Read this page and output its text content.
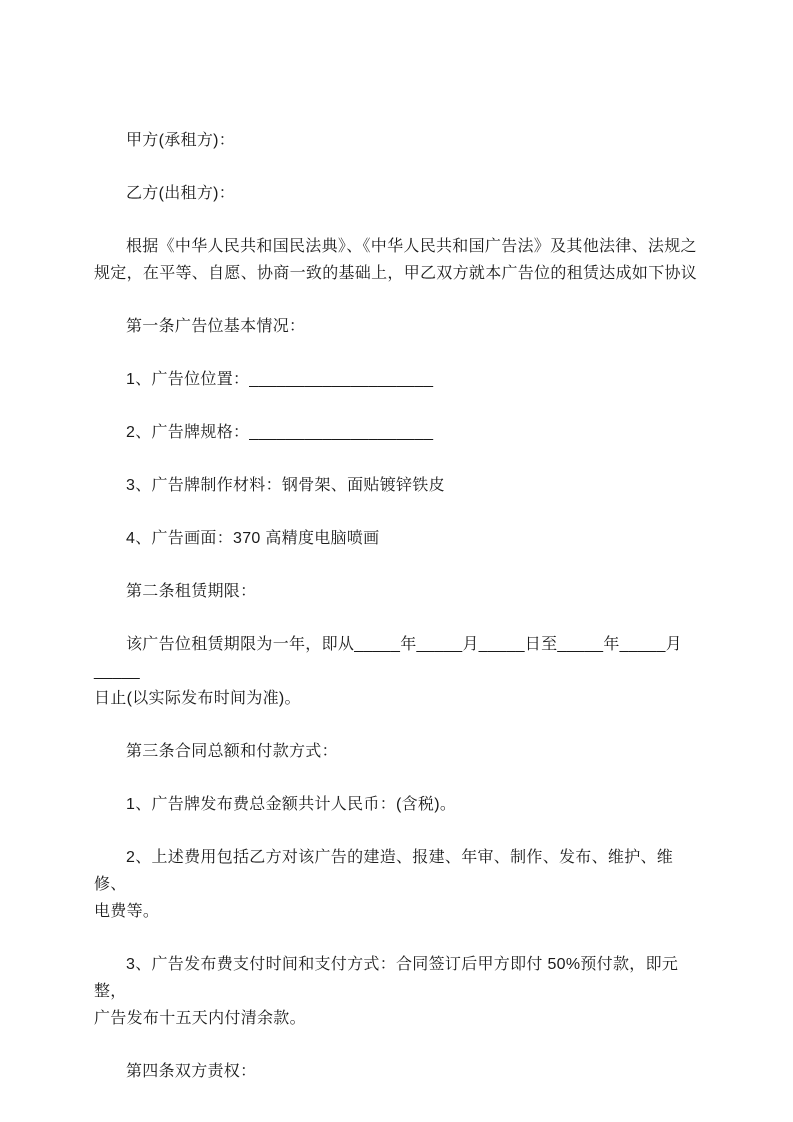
甲方(承租方)：

乙方(出租方)：

根据《中华人民共和国民法典》、《中华人民共和国广告法》及其他法律、法规之
规定，在平等、自愿、协商一致的基础上，甲乙双方就本广告位的租赁达成如下协议

第一条广告位基本情况：

1、广告位位置：____________________

2、广告牌规格：____________________

3、广告牌制作材料：钢骨架、面贴镀锌铁皮

4、广告画面：370 高精度电脑喷画

第二条租赁期限：

该广告位租赁期限为一年，即从_____年_____月_____日至_____年_____月_____
日止(以实际发布时间为准)。

第三条合同总额和付款方式：

1、广告牌发布费总金额共计人民币：(含税)。

2、上述费用包括乙方对该广告的建造、报建、年审、制作、发布、维护、维修、
电费等。

3、广告发布费支付时间和支付方式：合同签订后甲方即付 50%预付款，即元整，
广告发布十五天内付清余款。

第四条双方责权：
